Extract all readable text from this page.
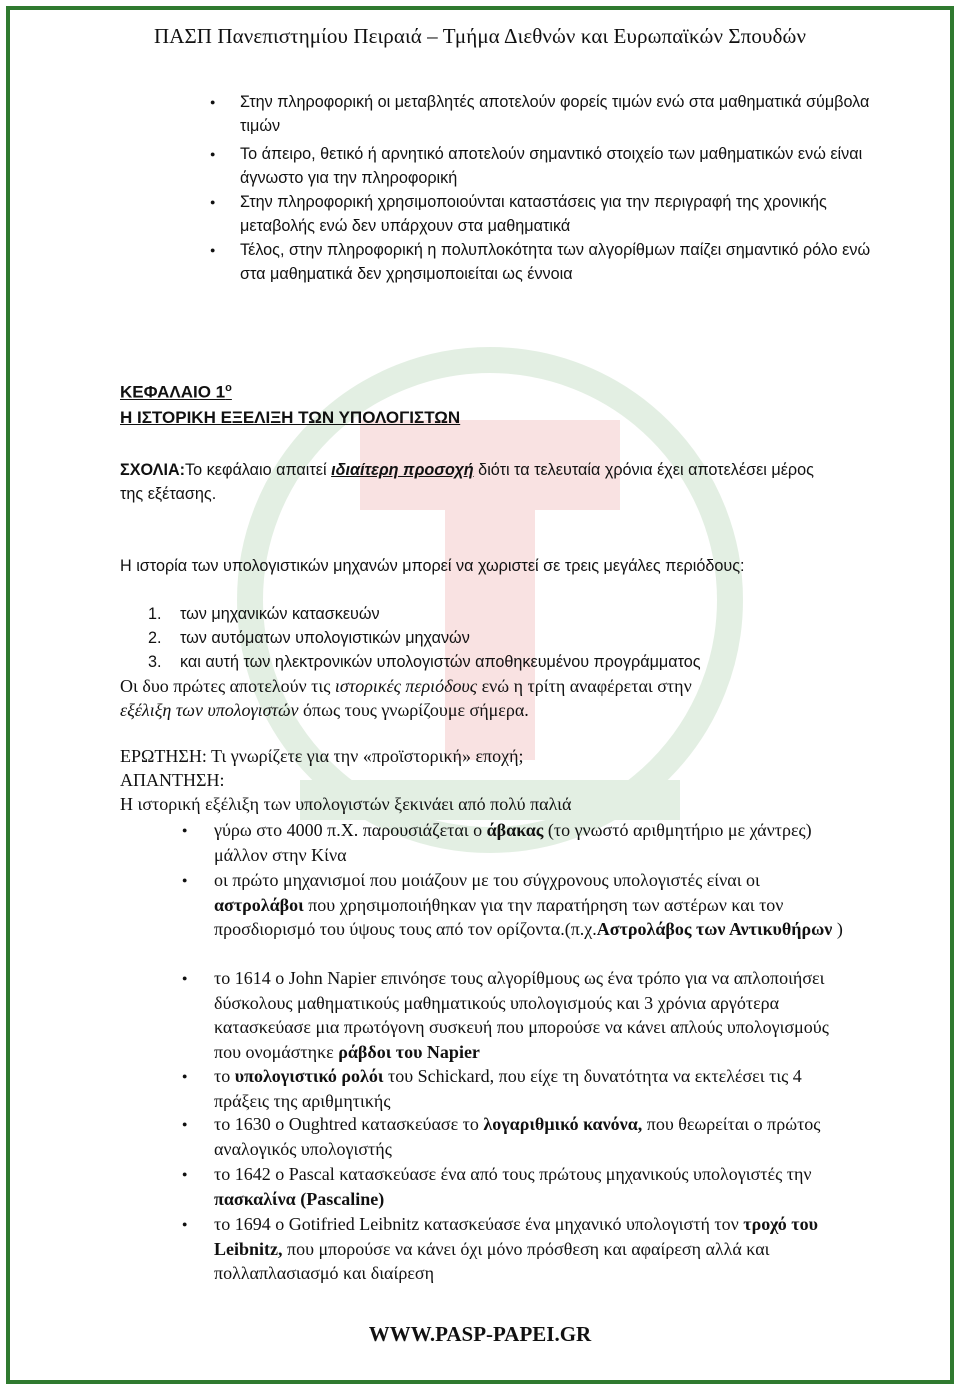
ΠΑΣΠ Πανεπιστημίου Πειραιά – Τμήμα Διεθνών και Ευρωπαϊκών Σπουδών
● Στην πληροφορική οι μεταβλητές αποτελούν φορείς τιμών ενώ στα μαθηματικά σύμβολα τιμών
● Το άπειρο, θετικό ή αρνητικό αποτελούν σημαντικό στοιχείο των μαθηματικών ενώ είναι άγνωστο για την πληροφορική
● Στην πληροφορική χρησιμοποιούνται καταστάσεις για την περιγραφή της χρονικής μεταβολής ενώ δεν υπάρχουν στα μαθηματικά
● Τέλος, στην πληροφορική η πολυπλοκότητα των αλγορίθμων παίζει σημαντικό ρόλο ενώ στα μαθηματικά δεν χρησιμοποιείται ως έννοια
ΚΕΦΑΛΑΙΟ $1^o$
Η ΙΣΤΟΡΙΚΗ ΕΞΕΛΙΞΗ ΤΩΝ ΥΠΟΛΟΓΙΣΤΩΝ
ΣΧΟΛΙΑ:Το κεφάλαιο απαιτεί ιδιαίτερη προσοχή διότι τα τελευταία χρόνια έχει αποτελέσει μέρος της εξέτασης.
Η ιστορία των υπολογιστικών μηχανών μπορεί να χωριστεί σε τρεις μεγάλες περιόδους:
1. των μηχανικών κατασκευών
2. των αυτόματων υπολογιστικών μηχανών
3. και αυτή των ηλεκτρονικών υπολογιστών αποθηκευμένου προγράμματος
Οι δυο πρώτες αποτελούν τις ιστορικές περιόδους ενώ η τρίτη αναφέρεται στην
εξέλιξη των υπολογιστών όπως τους γνωρίζουμε σήμερα.
ΕΡΩΤΗΣΗ: Τι γνωρίζετε για την «προϊστορική» εποχή;
ΑΠΑΝΤΗΣΗ:
Η ιστορική εξέλιξη των υπολογιστών ξεκινάει από πολύ παλιά
● γύρω στο 4000 π.Χ. παρουσιάζεται ο άβακας (το γνωστό αριθμητήριο με χάντρες) μάλλον στην Κίνα
● οι πρώτο μηχανισμοί που μοιάζουν με του σύγχρονους υπολογιστές είναι οι αστρολάβοι που χρησιμοποιήθηκαν για την παρατήρηση των αστέρων και τον προσδιορισμό του ύψους τους από τον ορίζοντα.(π.χ.Αστρολάβος των Αντικυθήρων )
● το 1614 ο John Napier επινόησε τους αλγορίθμους ως ένα τρόπο για να απλοποιήσει δύσκολους μαθηματικούς μαθηματικούς υπολογισμούς και 3 χρόνια αργότερα κατασκεύασε μια πρωτόγονη συσκευή που μπορούσε να κάνει απλούς υπολογισμούς που ονομάστηκε ράβδοι του Napier
● το υπολογιστικό ρολόι του Schickard, που είχε τη δυνατότητα να εκτελέσει τις 4 πράξεις της αριθμητικής
● το 1630 ο Oughtred κατασκεύασε το λογαριθμικό κανόνα, που θεωρείται ο πρώτος αναλογικός υπολογιστής
● το 1642 ο Pascal κατασκεύασε ένα από τους πρώτους μηχανικούς υπολογιστές την πασκαλίνα (Pascaline)
● το 1694 ο Gotifried Leibnitz κατασκεύασε ένα μηχανικό υπολογιστή τον τροχό του Leibnitz, που μπορούσε να κάνει όχι μόνο πρόσθεση και αφαίρεση αλλά και πολλαπλασιασμό και διαίρεση
WWW.PASP-PAPEI.GR
